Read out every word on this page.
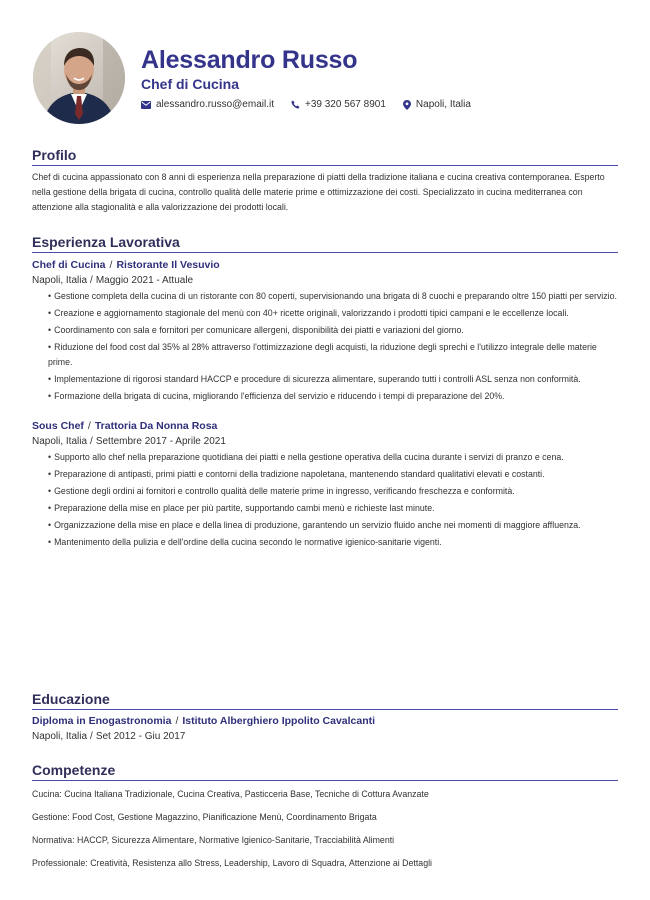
Alessandro Russo
Chef di Cucina
alessandro.russo@email.it	+39 320 567 8901	Napoli, Italia
Profilo
Chef di cucina appassionato con 8 anni di esperienza nella preparazione di piatti della tradizione italiana e cucina creativa contemporanea. Esperto nella gestione della brigata di cucina, controllo qualità delle materie prime e ottimizzazione dei costi. Specializzato in cucina mediterranea con attenzione alla stagionalità e alla valorizzazione dei prodotti locali.
Esperienza Lavorativa
Chef di Cucina / Ristorante Il Vesuvio
Napoli, Italia / Maggio 2021 - Attuale
• Gestione completa della cucina di un ristorante con 80 coperti, supervisionando una brigata di 8 cuochi e preparando oltre 150 piatti per servizio.
• Creazione e aggiornamento stagionale del menù con 40+ ricette originali, valorizzando i prodotti tipici campani e le eccellenze locali.
• Coordinamento con sala e fornitori per comunicare allergeni, disponibilità dei piatti e variazioni del giorno.
• Riduzione del food cost dal 35% al 28% attraverso l'ottimizzazione degli acquisti, la riduzione degli sprechi e l'utilizzo integrale delle materie prime.
• Implementazione di rigorosi standard HACCP e procedure di sicurezza alimentare, superando tutti i controlli ASL senza non conformità.
• Formazione della brigata di cucina, migliorando l'efficienza del servizio e riducendo i tempi di preparazione del 20%.
Sous Chef / Trattoria Da Nonna Rosa
Napoli, Italia / Settembre 2017 - Aprile 2021
• Supporto allo chef nella preparazione quotidiana dei piatti e nella gestione operativa della cucina durante i servizi di pranzo e cena.
• Preparazione di antipasti, primi piatti e contorni della tradizione napoletana, mantenendo standard qualitativi elevati e costanti.
• Gestione degli ordini ai fornitori e controllo qualità delle materie prime in ingresso, verificando freschezza e conformità.
• Preparazione della mise en place per più partite, supportando cambi menù e richieste last minute.
• Organizzazione della mise en place e della linea di produzione, garantendo un servizio fluido anche nei momenti di maggiore affluenza.
• Mantenimento della pulizia e dell'ordine della cucina secondo le normative igienico-sanitarie vigenti.
Educazione
Diploma in Enogastronomia / Istituto Alberghiero Ippolito Cavalcanti
Napoli, Italia / Set 2012 - Giu 2017
Competenze
Cucina: Cucina Italiana Tradizionale, Cucina Creativa, Pasticceria Base, Tecniche di Cottura Avanzate
Gestione: Food Cost, Gestione Magazzino, Pianificazione Menù, Coordinamento Brigata
Normativa: HACCP, Sicurezza Alimentare, Normative Igienico-Sanitarie, Tracciabilità Alimenti
Professionale: Creatività, Resistenza allo Stress, Leadership, Lavoro di Squadra, Attenzione ai Dettagli
